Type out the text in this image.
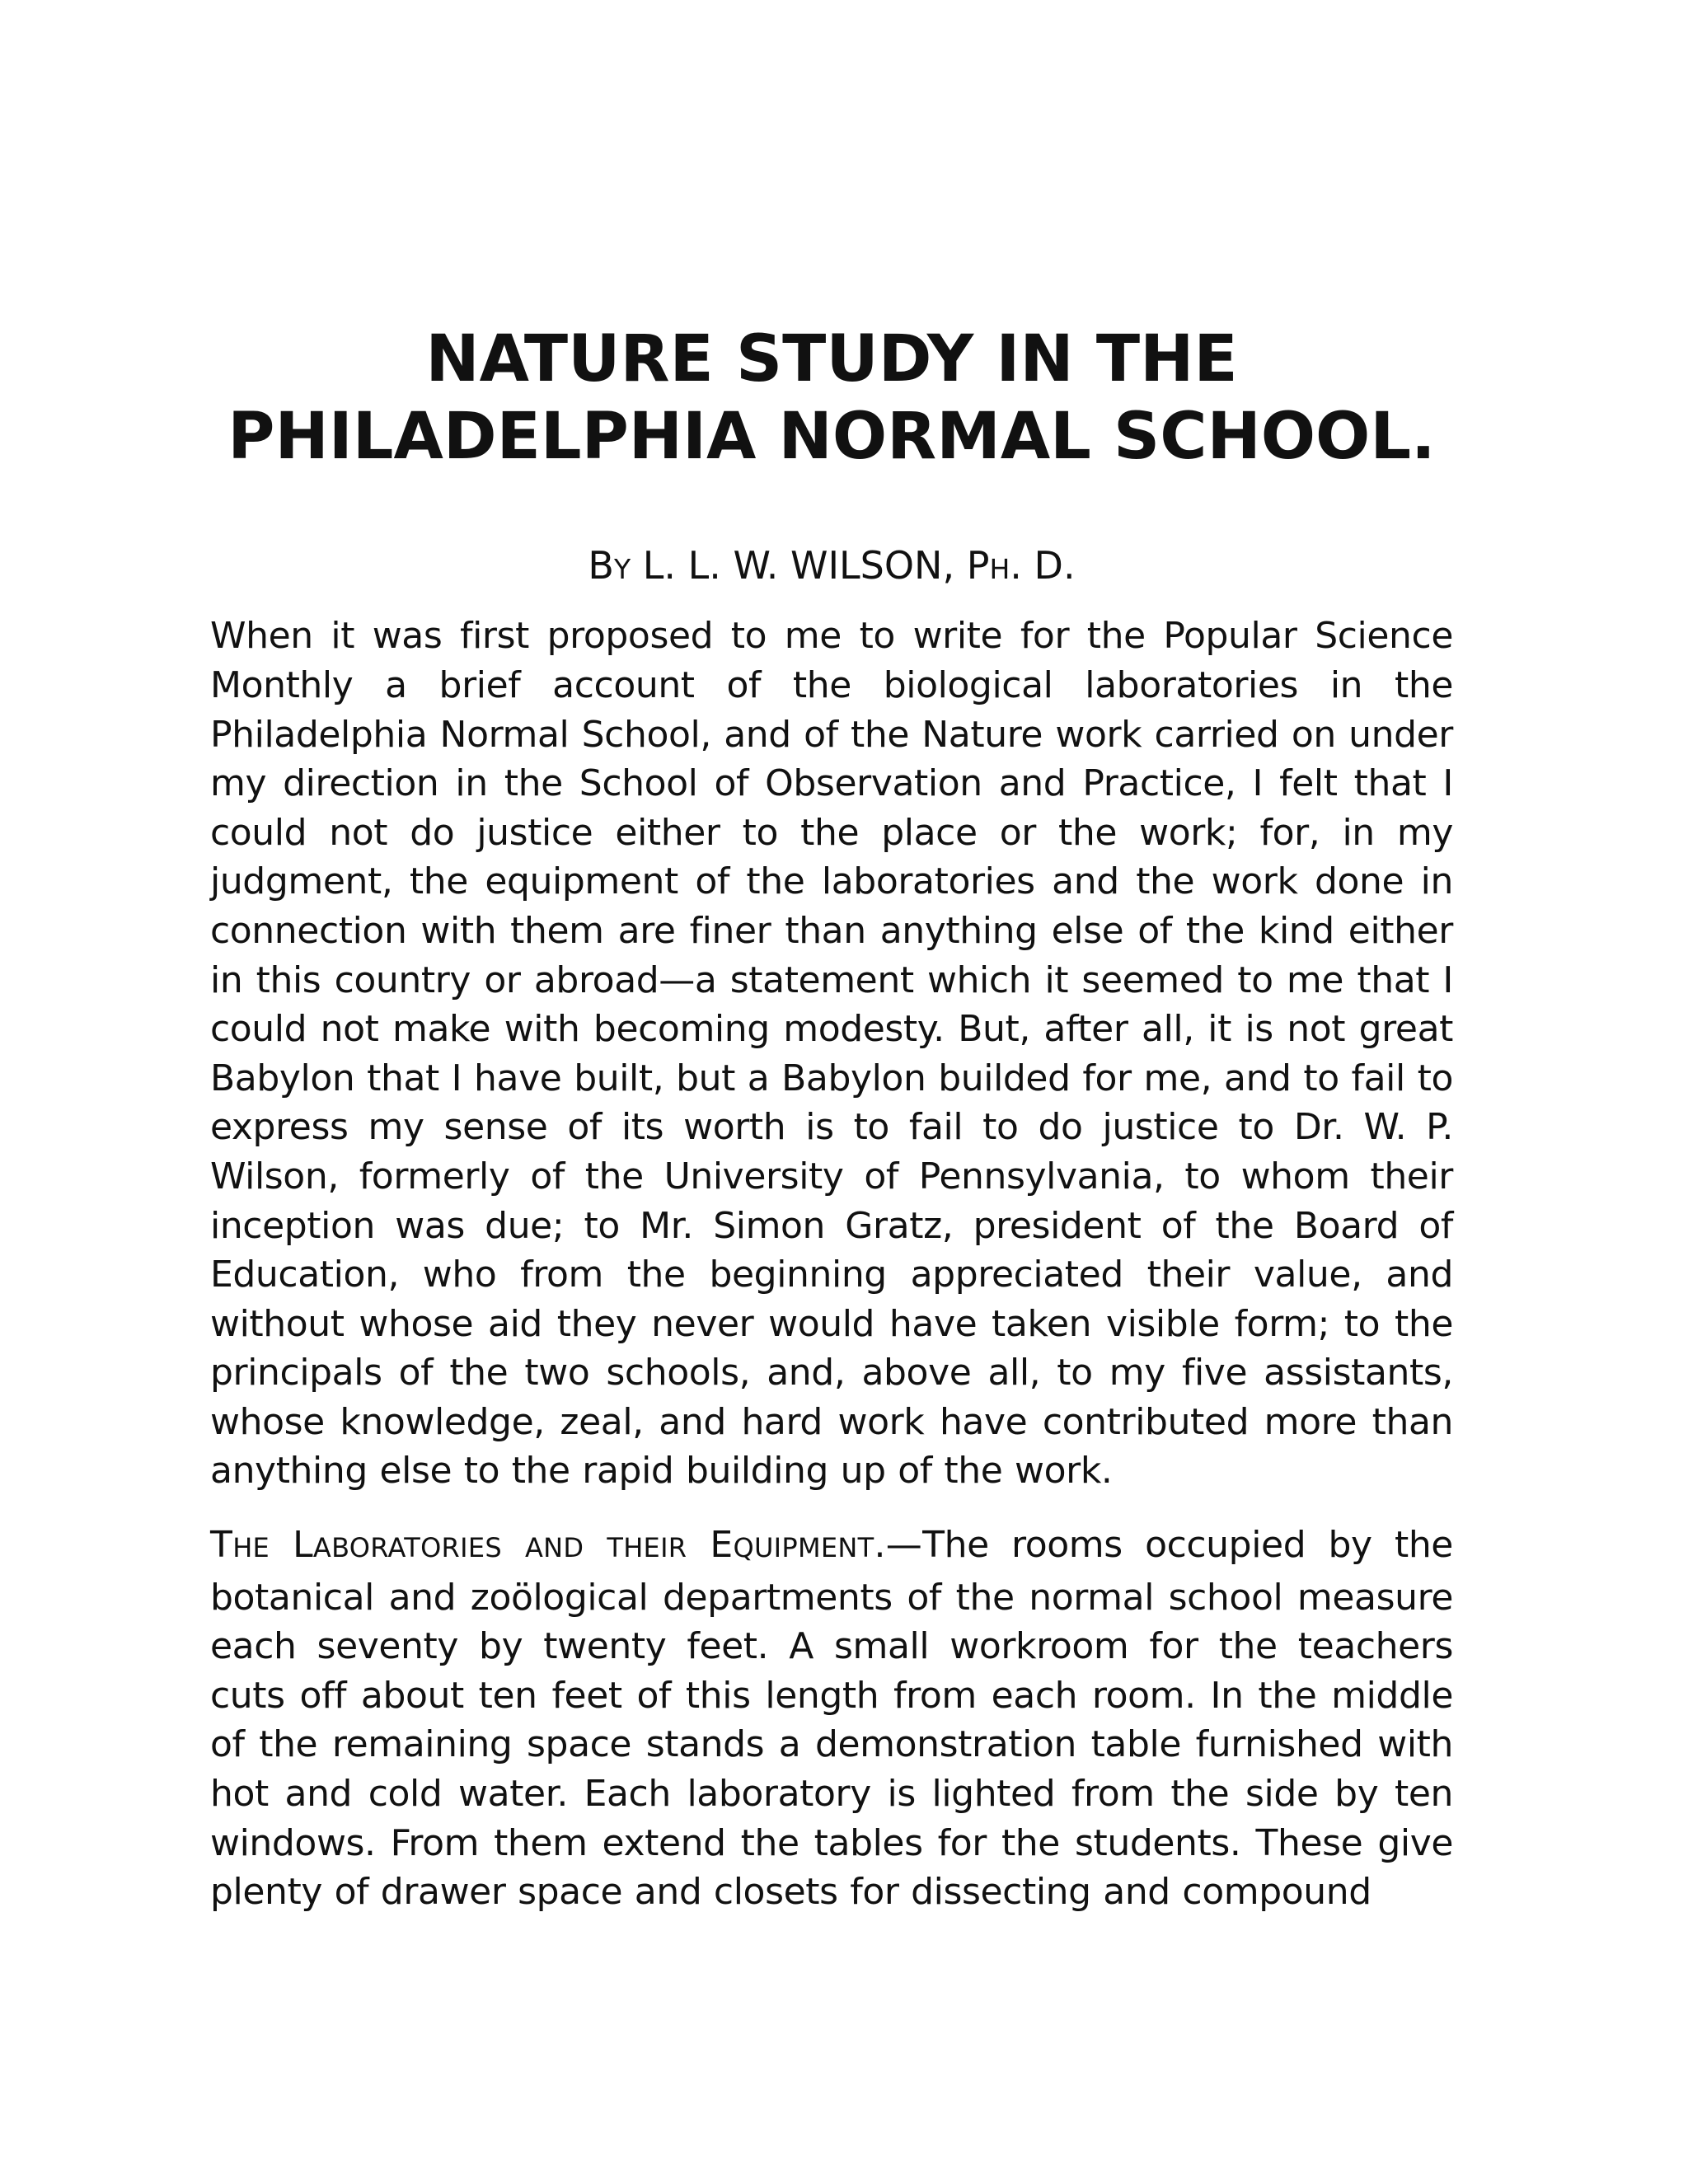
NATURE STUDY IN THE
PHILADELPHIA NORMAL SCHOOL.
BY L. L. W. WILSON, PH. D.

When it was first proposed to me to write for the Popular Science Monthly a brief account of the biological laboratories in the Philadelphia Normal School, and of the Nature work carried on under my direction in the School of Observation and Practice, I felt that I could not do justice either to the place or the work; for, in my judgment, the equipment of the laboratories and the work done in connection with them are finer than anything else of the kind either in this country or abroad—a statement which it seemed to me that I could not make with becoming modesty. But, after all, it is not great Babylon that I have built, but a Babylon builded for me, and to fail to express my sense of its worth is to fail to do justice to Dr. W. P. Wilson, formerly of the University of Pennsylvania, to whom their inception was due; to Mr. Simon Gratz, president of the Board of Education, who from the beginning appreciated their value, and without whose aid they never would have taken visible form; to the principals of the two schools, and, above all, to my five assistants, whose knowledge, zeal, and hard work have contributed more than anything else to the rapid building up of the work.

THE LABORATORIES AND THEIR EQUIPMENT.—The rooms occupied by the botanical and zoölogical departments of the normal school measure each seventy by twenty feet. A small workroom for the teachers cuts off about ten feet of this length from each room. In the middle of the remaining space stands a demonstration table furnished with hot and cold water. Each laboratory is lighted from the side by ten windows. From them extend the tables for the students. These give plenty of drawer space and closets for dissecting and compound
